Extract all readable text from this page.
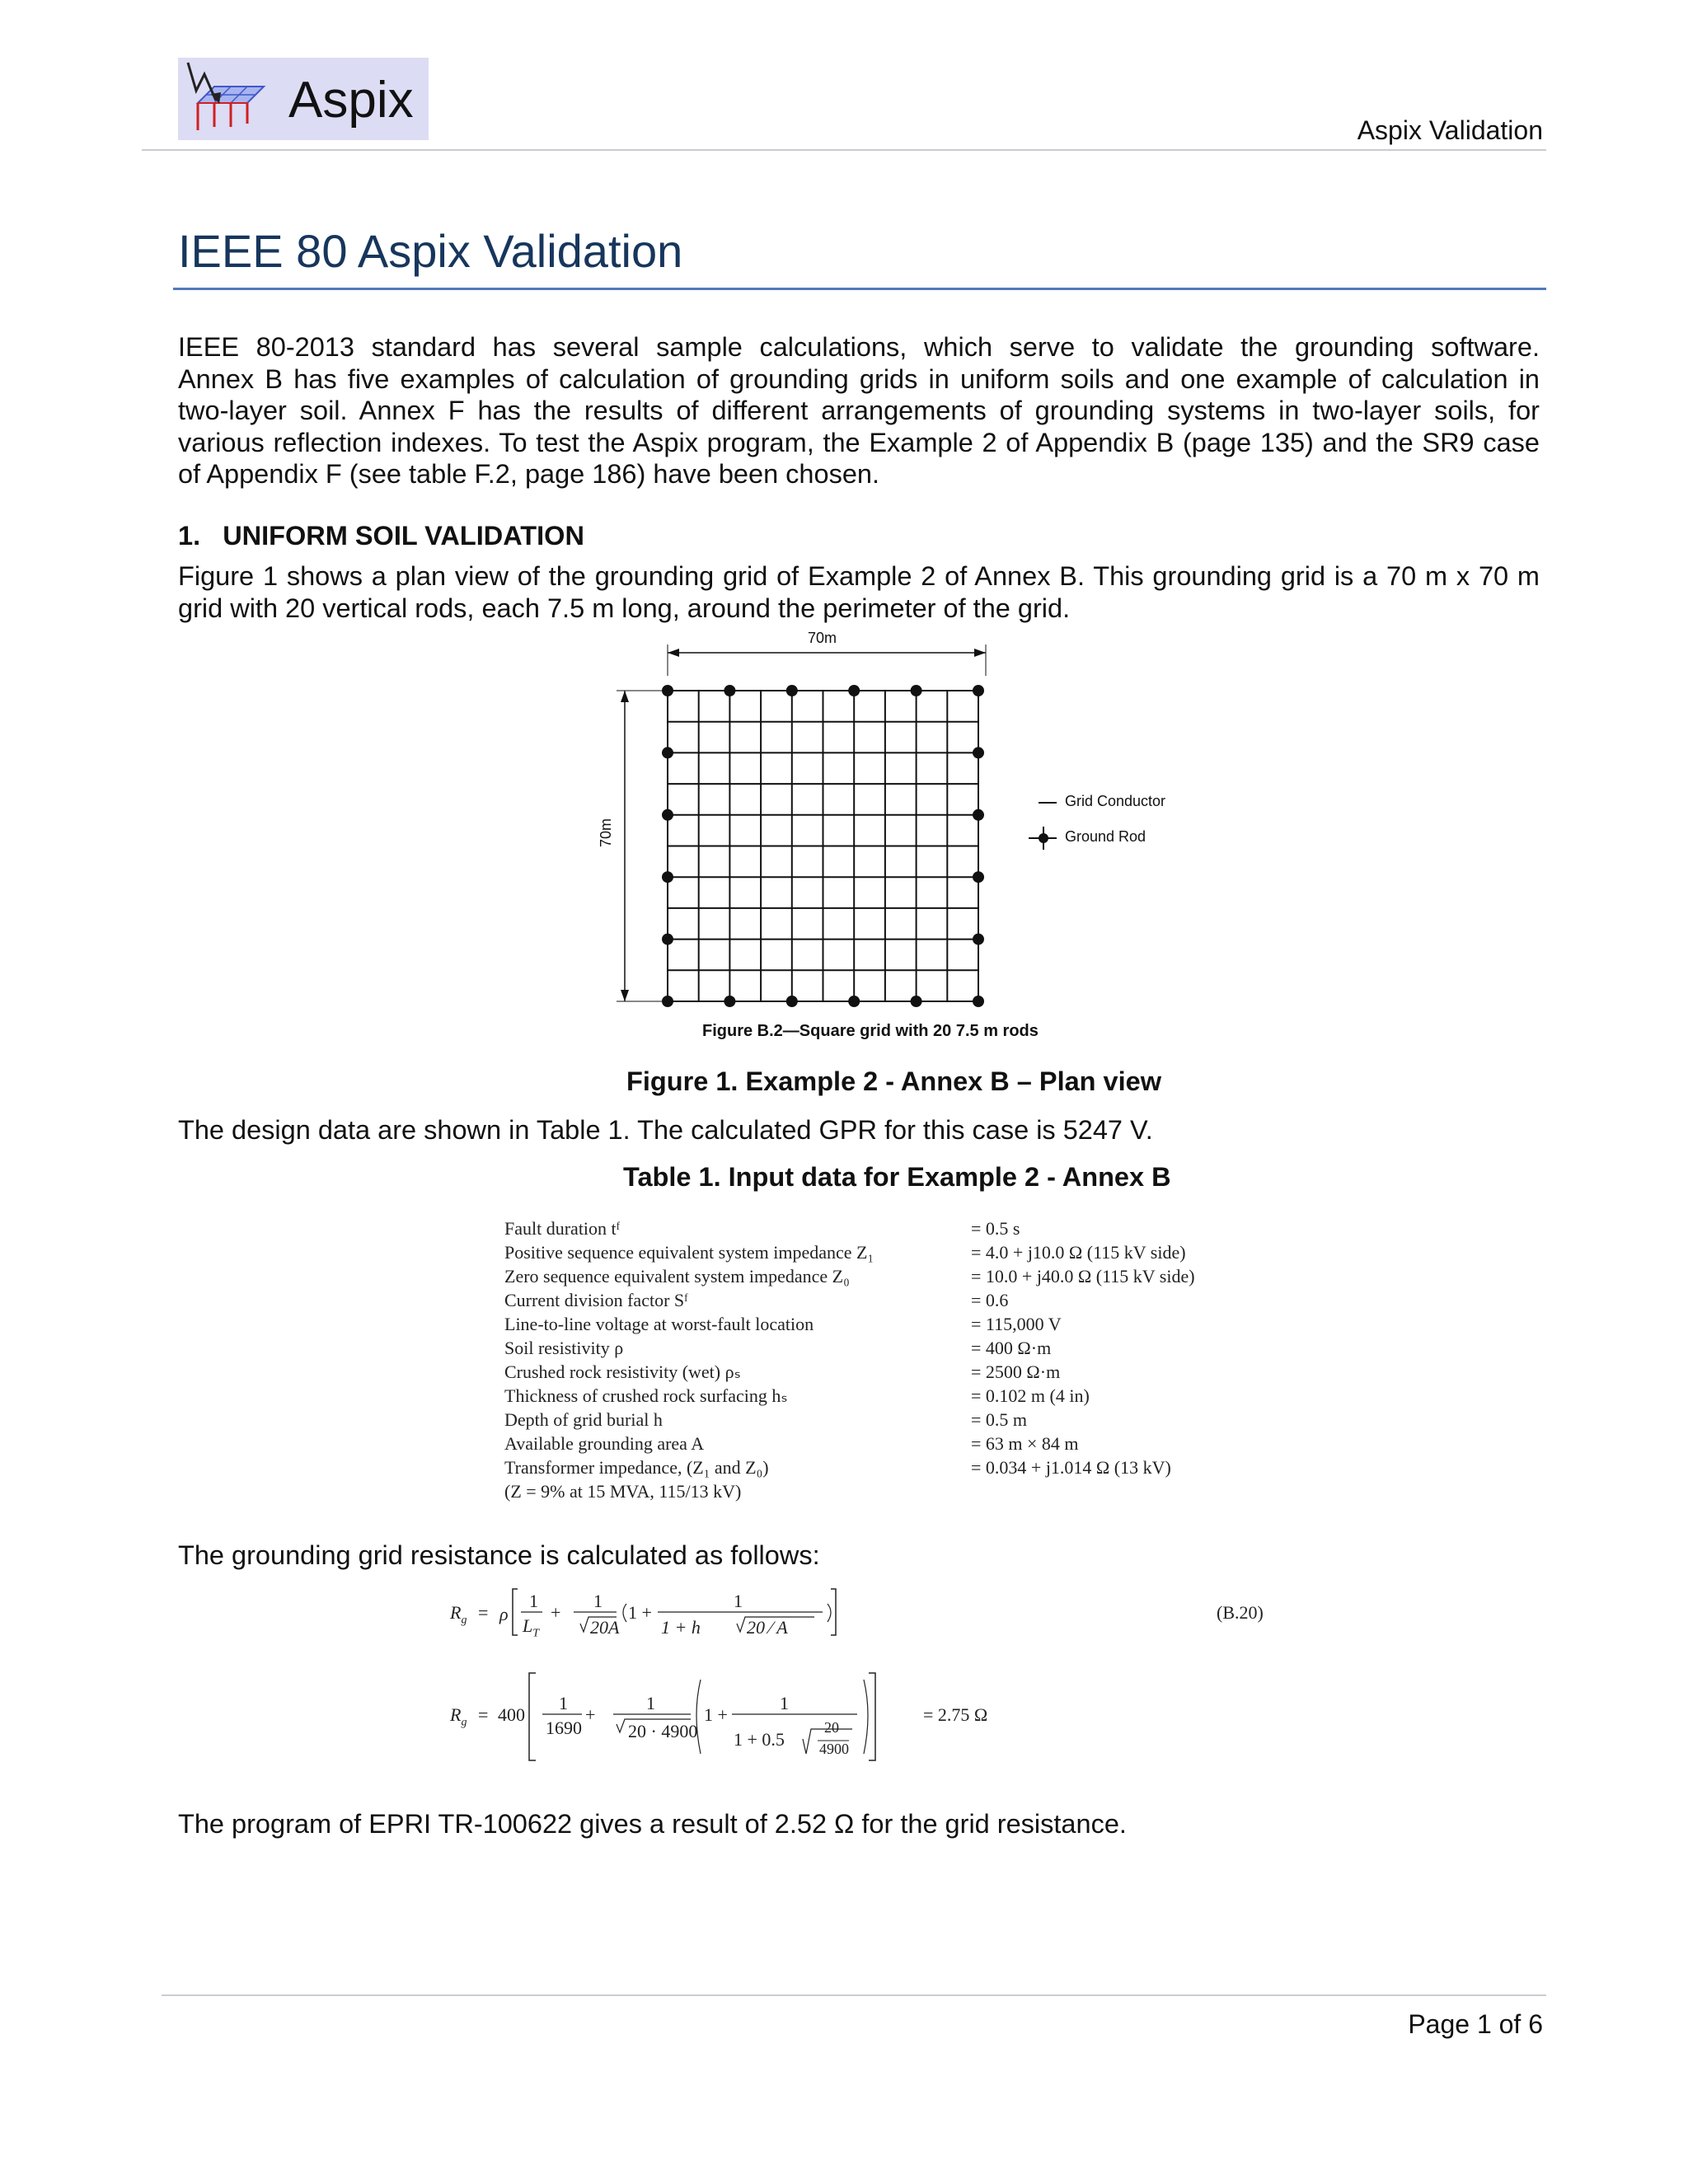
Aspix
Aspix Validation
IEEE 80 Aspix Validation
IEEE 80-2013 standard has several sample calculations, which serve to validate the grounding software.
Annex B has five examples of calculation of grounding grids in uniform soils and one example of calculation in
two-layer soil. Annex F has the results of different arrangements of grounding systems in two-layer soils, for
various reflection indexes. To test the Aspix program, the Example 2 of Appendix B (page 135) and the SR9 case
of Appendix F (see table F.2, page 186) have been chosen.
1.   UNIFORM SOIL VALIDATION
Figure 1 shows a plan view of the grounding grid of Example 2 of Annex B. This grounding grid is a 70 m x 70 m
grid with 20 vertical rods, each 7.5 m long, around the perimeter of the grid.
70m
70m
Grid Conductor
Ground Rod
Figure B.2—Square grid with 20 7.5 m rods
Figure 1. Example 2 - Annex B – Plan view
The design data are shown in Table 1. The calculated GPR for this case is 5247 V.
Table 1. Input data for Example 2 - Annex B
Fault duration tᶠ	= 0.5 s
Positive sequence equivalent system impedance Z₁	= 4.0 + j10.0 Ω (115 kV side)
Zero sequence equivalent system impedance Z₀	= 10.0 + j40.0 Ω (115 kV side)
Current division factor Sᶠ	= 0.6
Line-to-line voltage at worst-fault location	= 115,000 V
Soil resistivity ρ	= 400 Ω·m
Crushed rock resistivity (wet) ρₛ	= 2500 Ω·m
Thickness of crushed rock surfacing hₛ	= 0.102 m (4 in)
Depth of grid burial h	= 0.5 m
Available grounding area A	= 63 m × 84 m
Transformer impedance, (Z₁ and Z₀)	= 0.034 + j1.014 Ω (13 kV)
(Z = 9% at 15 MVA, 115/13 kV)
The grounding grid resistance is calculated as follows:
$R_g = \rho$
1
$L_T$
+
1
20A
1 +
1
1 + h	20 ⁄ A
(B.20)
$R_g = 400$
1
1690
+
1
20 · 4900
1 +
1
1 + 0.5
20
4900
= 2.75 Ω
The program of EPRI TR-100622 gives a result of 2.52 Ω for the grid resistance.
Page 1 of 6
